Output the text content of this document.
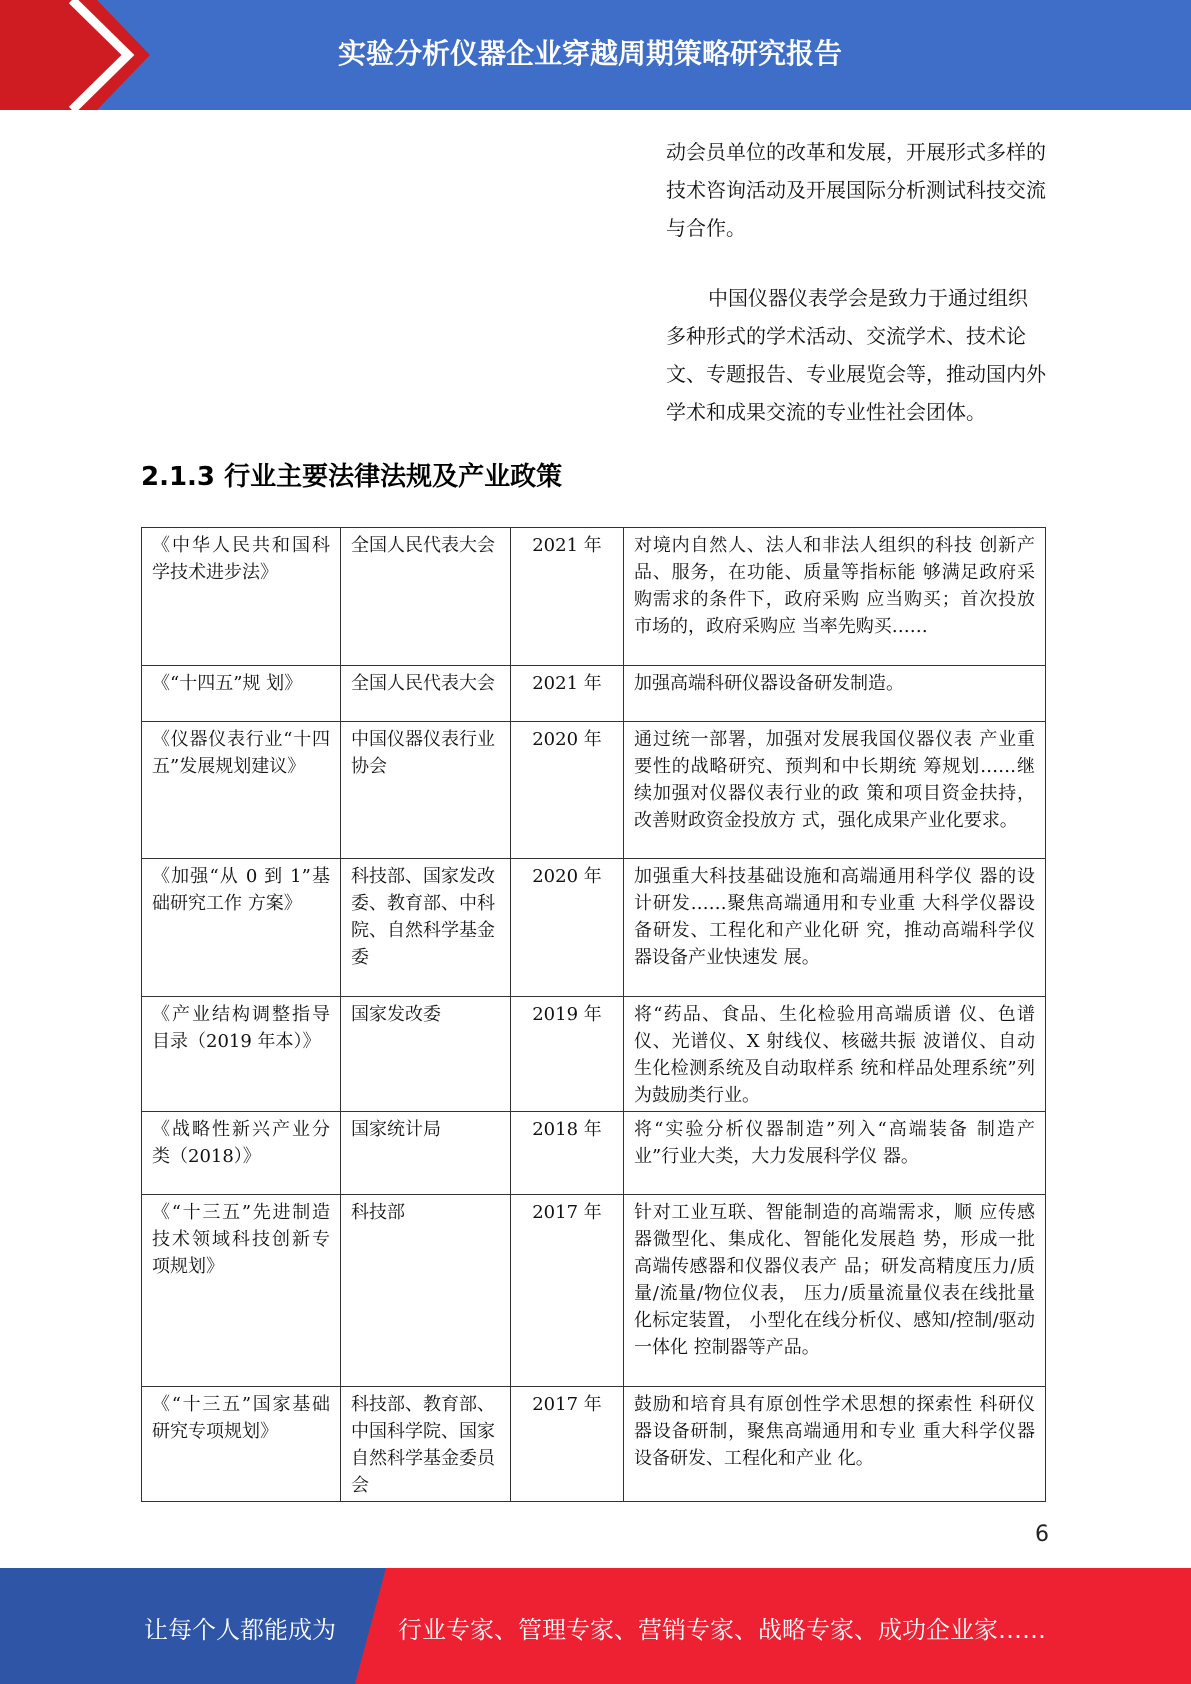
实验分析仪器企业穿越周期策略研究报告
动会员单位的改革和发展，开展形式多样的技术咨询活动及开展国际分析测试科技交流与合作。
中国仪器仪表学会是致力于通过组织多种形式的学术活动、交流学术、技术论文、专题报告、专业展览会等，推动国内外学术和成果交流的专业性社会团体。
2.1.3 行业主要法律法规及产业政策
《中华人民共和国科学技术进步法》	全国人民代表大会	2021 年	对境内自然人、法人和非法人组织的科技 创新产品、服务，在功能、质量等指标能 够满足政府采购需求的条件下，政府采购 应当购买；首次投放市场的，政府采购应 当率先购买……
《“十四五”规 划》	全国人民代表大会	2021 年	加强高端科研仪器设备研发制造。
《仪器仪表行业“十四五”发展规划建议》	中国仪器仪表行业协会	2020 年	通过统一部署，加强对发展我国仪器仪表 产业重要性的战略研究、预判和中长期统 筹规划……继续加强对仪器仪表行业的政 策和项目资金扶持，改善财政资金投放方 式，强化成果产业化要求。
《加强“从 0 到 1”基础研究工作 方案》	科技部、国家发改委、教育部、中科院、自然科学基金委	2020 年	加强重大科技基础设施和高端通用科学仪 器的设计研发……聚焦高端通用和专业重 大科学仪器设备研发、工程化和产业化研 究，推动高端科学仪器设备产业快速发 展。
《产业结构调整指导目录（2019 年本）》	国家发改委	2019 年	将“药品、食品、生化检验用高端质谱 仪、色谱仪、光谱仪、X 射线仪、核磁共振 波谱仪、自动生化检测系统及自动取样系 统和样品处理系统”列为鼓励类行业。
《战略性新兴产业分类（2018）》	国家统计局	2018 年	将“实验分析仪器制造”列入“高端装备 制造产业”行业大类，大力发展科学仪 器。
《“十三五”先进制造技术领域科技创新专项规划》	科技部	2017 年	针对工业互联、智能制造的高端需求，顺 应传感器微型化、集成化、智能化发展趋 势，形成一批高端传感器和仪器仪表产 品；研发高精度压力/质量/流量/物位仪表， 压力/质量流量仪表在线批量化标定装置， 小型化在线分析仪、感知/控制/驱动一体化 控制器等产品。
《“十三五”国家基础研究专项规划》	科技部、教育部、中国科学院、国家自然科学基金委员会	2017 年	鼓励和培育具有原创性学术思想的探索性 科研仪器设备研制，聚焦高端通用和专业 重大科学仪器设备研发、工程化和产业 化。
6
让每个人都能成为	行业专家、管理专家、营销专家、战略专家、成功企业家……
